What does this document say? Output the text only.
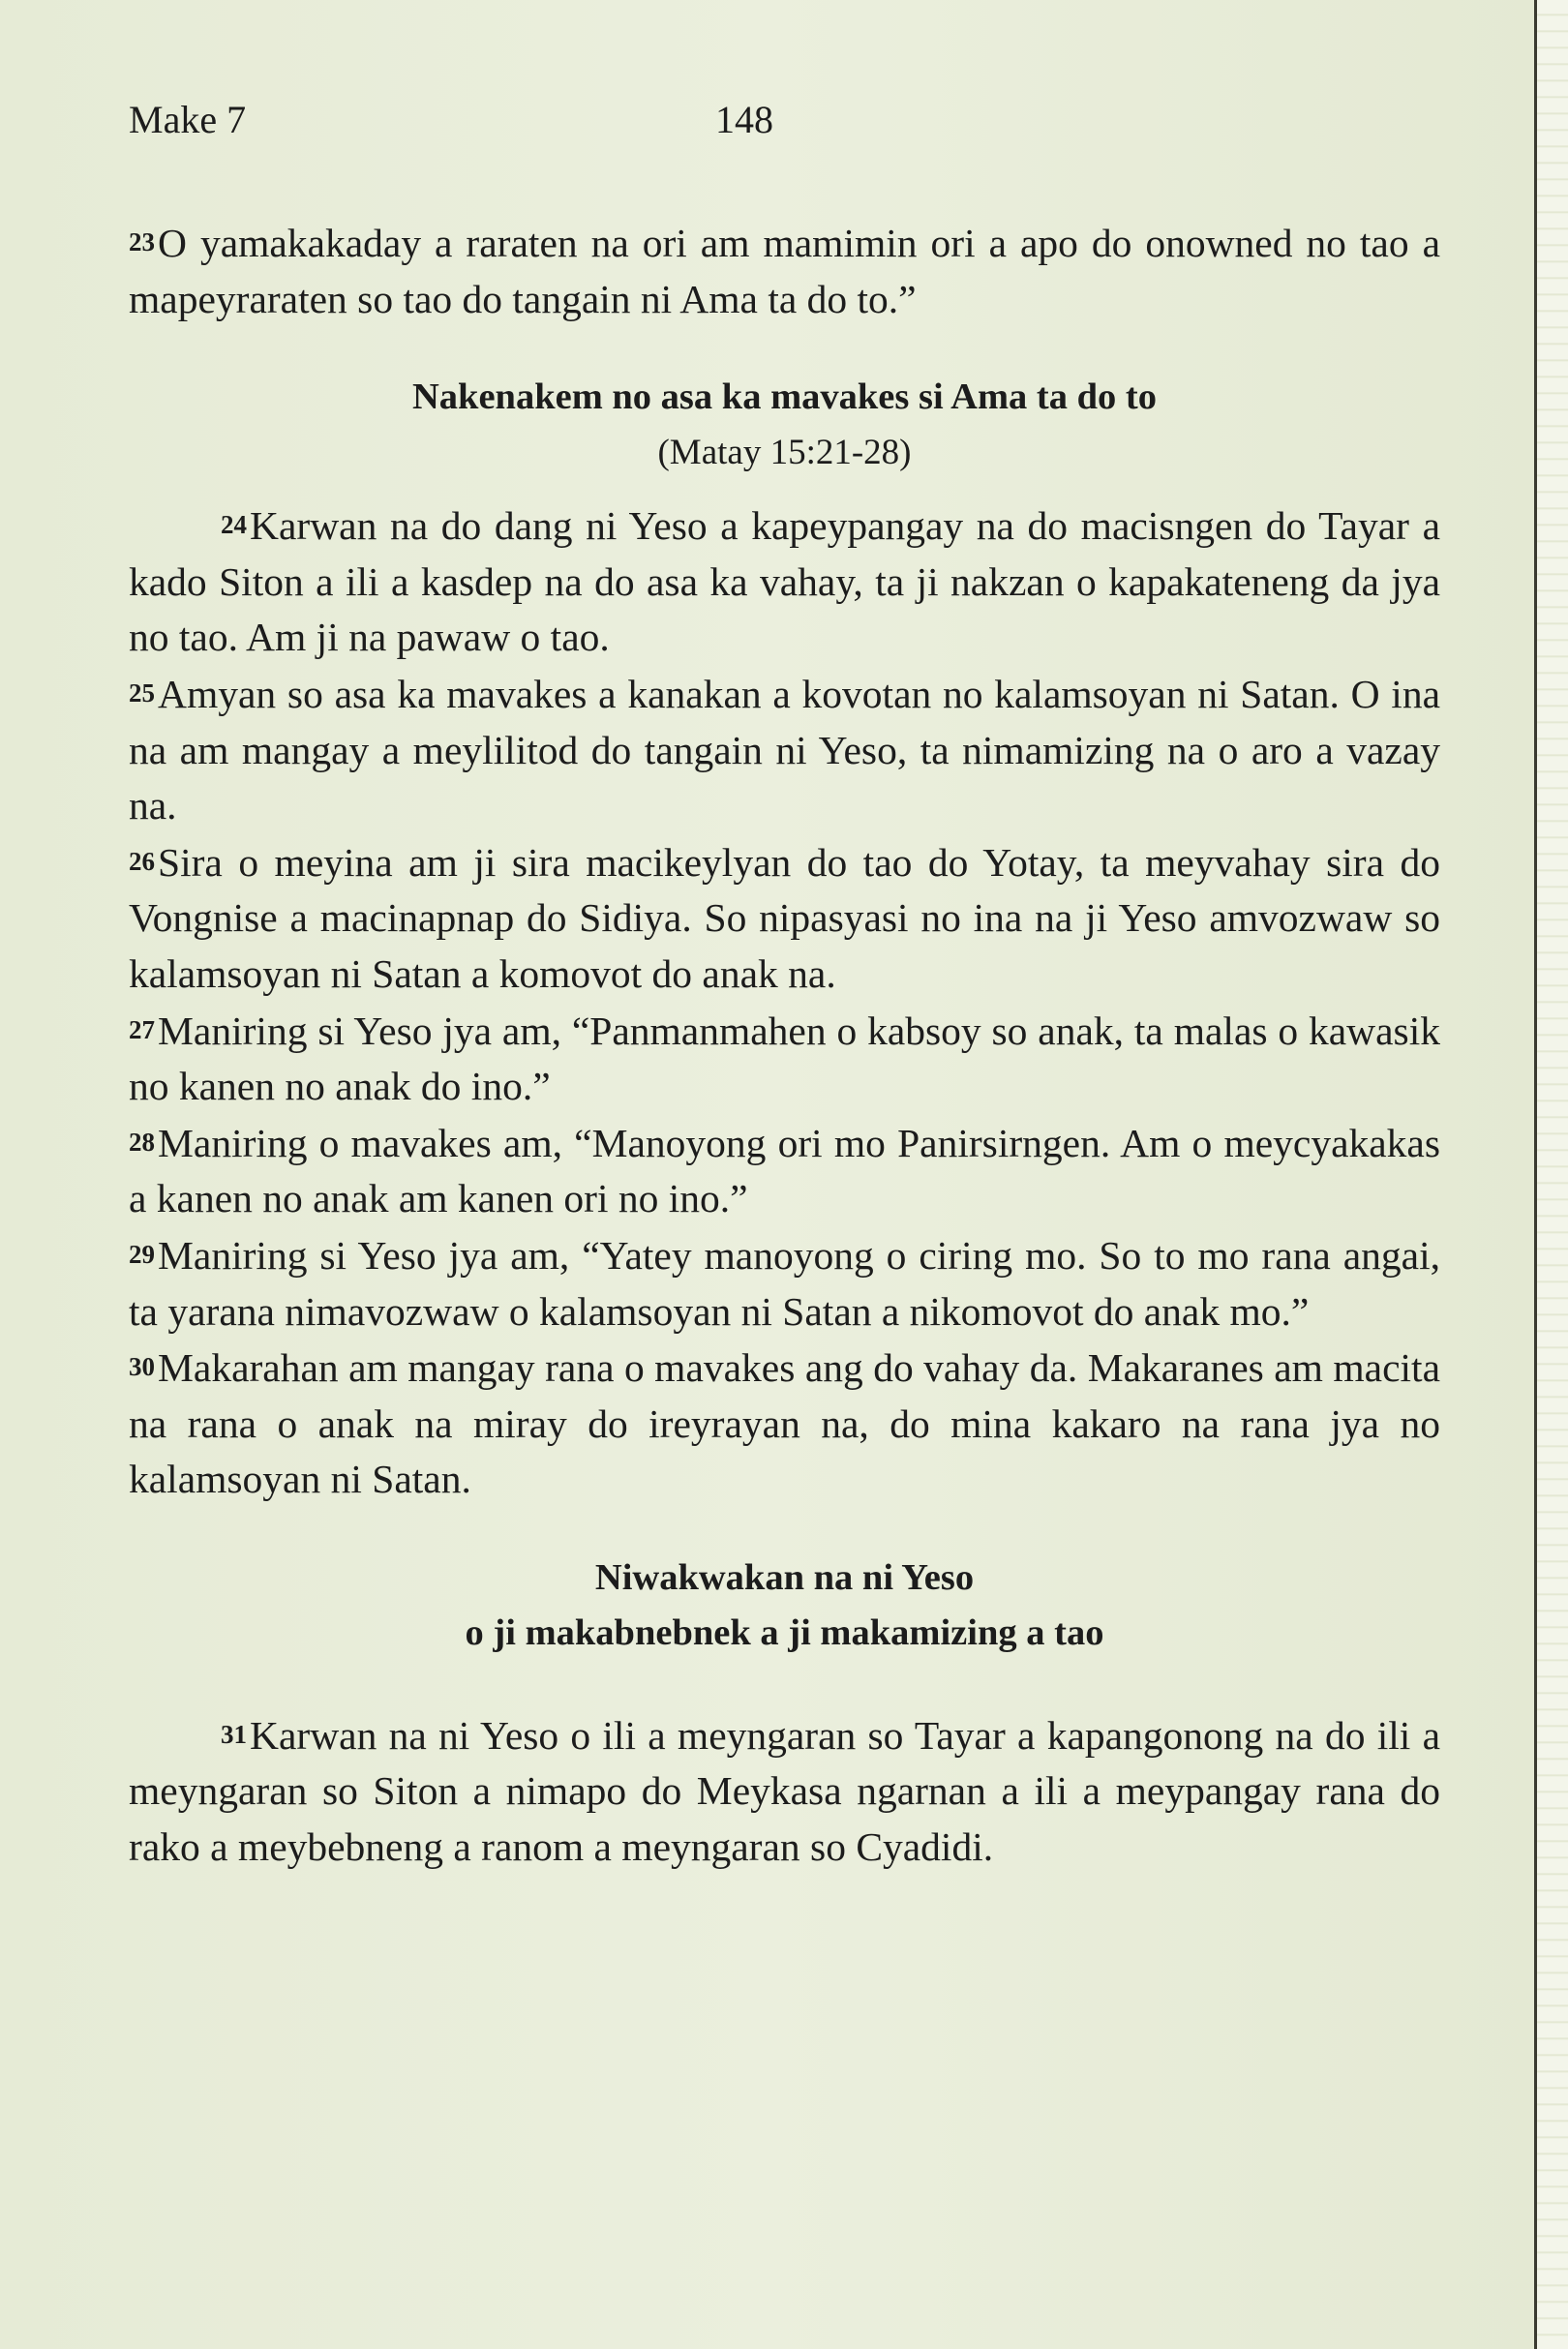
Make 7	148

23O yamakakaday a raraten na ori am mamimin ori a apo do onowned no tao a mapeyraraten so tao do tangain ni Ama ta do to.”

Nakenakem no asa ka mavakes si Ama ta do to

(Matay 15:21-28)

24Karwan na do dang ni Yeso a kapeypangay na do macisngen do Tayar a kado Siton a ili a kasdep na do asa ka vahay, ta ji nakzan o kapakateneng da jya no tao. Am ji na pawaw o tao.

25Amyan so asa ka mavakes a kanakan a kovotan no kalamsoyan ni Satan. O ina na am mangay a meylilitod do tangain ni Yeso, ta nimamizing na o aro a vazay na.

26Sira o meyina am ji sira macikeylyan do tao do Yotay, ta meyvahay sira do Vongnise a macinapnap do Sidiya. So nipasyasi no ina na ji Yeso amvozwaw so kalamsoyan ni Satan a komovot do anak na.

27Maniring si Yeso jya am, “Panmanmahen o kabsoy so anak, ta malas o kawasik no kanen no anak do ino.”

28Maniring o mavakes am, “Manoyong ori mo Panirsirngen. Am o meycyakakas a kanen no anak am kanen ori no ino.”

29Maniring si Yeso jya am, “Yatey manoyong o ciring mo. So to mo rana angai, ta yarana nimavozwaw o kalamsoyan ni Satan a nikomovot do anak mo.”

30Makarahan am mangay rana o mavakes ang do vahay da. Makaranes am macita na rana o anak na miray do ireyrayan na, do mina kakaro na rana jya no kalamsoyan ni Satan.

Niwakwakan na ni Yeso

o ji makabnebnek a ji makamizing a tao

31Karwan na ni Yeso o ili a meyngaran so Tayar a kapangonong na do ili a meyngaran so Siton a nimapo do Meykasa ngarnan a ili a meypangay rana do rako a meybebneng a ranom a meyngaran so Cyadidi.
